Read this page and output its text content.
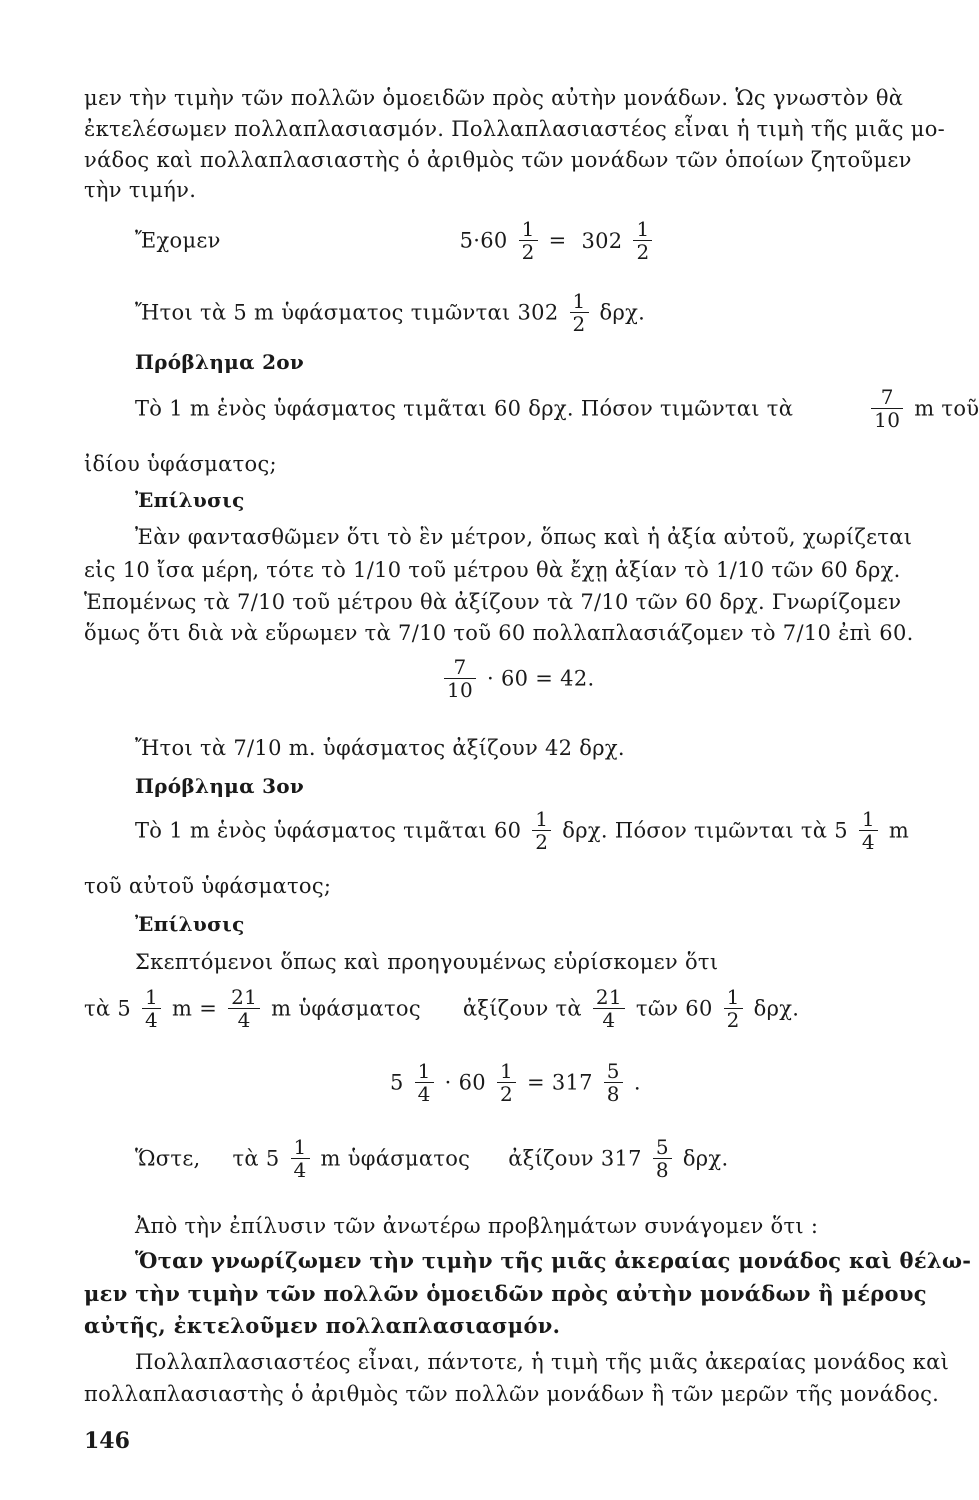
μεν τὴν τιμὴν τῶν πολλῶν ὁμοειδῶν πρὸς αὐτὴν μονάδων. Ὡς γνωστὸν θὰ
ἐκτελέσωμεν πολλαπλασιασμόν. Πολλαπλασιαστέος εἶναι ἡ τιμὴ τῆς μιᾶς μο-
νάδος καὶ πολλαπλασιαστὴς ὁ ἀριθμὸς τῶν μονάδων τῶν ὁποίων ζητοῦμεν
τὴν τιμήν.
Ἔχομεν	$5\cdot 60 \frac{1}{2} = 302 \frac{1}{2}$
Ἤτοι τὰ 5 m ὑφάσματος τιμῶνται $302 \frac{1}{2} \delta\rho\chi$.
Πρόβλημα 2ον
Τὸ 1 m ἑνὸς ὑφάσματος τιμᾶται 60 δρχ. Πόσον τιμῶνται τὰ	$\frac{7}{10}$ m τοῦ
ἰδίου ὑφάσματος;
Ἐπίλυσις
Ἐὰν φαντασθῶμεν ὅτι τὸ ἓν μέτρον, ὅπως καὶ ἡ ἀξία αὐτοῦ, χωρίζεται
εἰς 10 ἴσα μέρη, τότε τὸ 1/10 τοῦ μέτρου θὰ ἔχῃ ἀξίαν τὸ 1/10 τῶν 60 δρχ.
Ἑπομένως τὰ 7/10 τοῦ μέτρου θὰ ἀξίζουν τὰ 7/10 τῶν 60 δρχ. Γνωρίζομεν
ὅμως ὅτι διὰ νὰ εὕρωμεν τὰ 7/10 τοῦ 60 πολλαπλασιάζομεν τὸ 7/10 ἐπὶ 60.
$\frac{7}{10} \cdot 60 = 42$.
Ἤτοι τὰ 7/10 m. ὑφάσματος ἀξίζουν 42 δρχ.
Πρόβλημα 3ον
Τὸ 1 m ἑνὸς ὑφάσματος τιμᾶται $60 \frac{1}{2} \delta\rho\chi$. Πόσον τιμῶνται τὰ $5 \frac{1}{4}$ m
τοῦ αὐτοῦ ὑφάσματος;
Ἐπίλυσις
Σκεπτόμενοι ὅπως καὶ προηγουμένως εὑρίσκομεν ὅτι
τὰ $5 \frac{1}{4}$ $m = \frac{21}{4}$ m ὑφάσματος ἀξίζουν τὰ $\frac{21}{4}$ τῶν $60 \frac{1}{2} \delta\rho\chi$.
$5 \frac{1}{4} \cdot 60 \frac{1}{2} = 317 \frac{5}{8}$ .
Ὥστε, τὰ $5 \frac{1}{4}$ m ὑφάσματος ἀξίζουν $317 \frac{5}{8} \delta\rho\chi$.
Ἀπὸ τὴν ἐπίλυσιν τῶν ἀνωτέρω προβλημάτων συνάγομεν ὅτι :
Ὅταν γνωρίζωμεν τὴν τιμὴν τῆς μιᾶς ἀκεραίας μονάδος καὶ θέλω-
μεν τὴν τιμὴν τῶν πολλῶν ὁμοειδῶν πρὸς αὐτὴν μονάδων ἢ μέρους
αὐτῆς, ἐκτελοῦμεν πολλαπλασιασμόν.
Πολλαπλασιαστέος εἶναι, πάντοτε, ἡ τιμὴ τῆς μιᾶς ἀκεραίας μονάδος καὶ
πολλαπλασιαστὴς ὁ ἀριθμὸς τῶν πολλῶν μονάδων ἢ τῶν μερῶν τῆς μονάδος.
146
